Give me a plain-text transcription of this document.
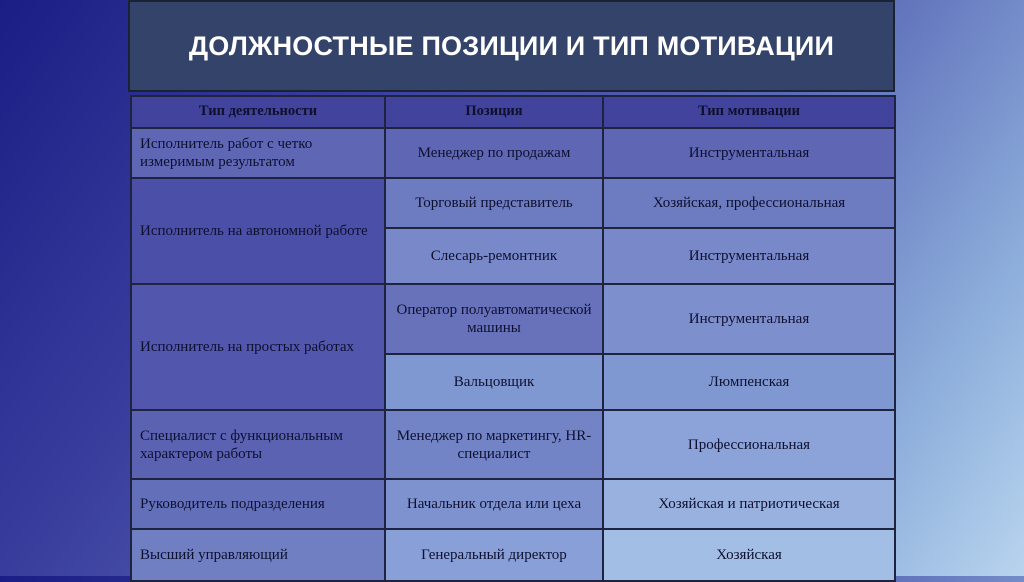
ДОЛЖНОСТНЫЕ ПОЗИЦИИ И ТИП МОТИВАЦИИ
Тип деятельности	Позиция	Тип мотивации
Исполнитель работ с четко измеримым результатом	Менеджер по продажам	Инструментальная
Исполнитель на автономной работе	Торговый представитель	Хозяйская, профессиональная
	Слесарь-ремонтник	Инструментальная
Исполнитель на простых работах	Оператор полуавтоматической машины	Инструментальная
	Вальцовщик	Люмпенская
Специалист с функциональным характером работы	Менеджер по маркетингу, HR-специалист	Профессиональная
Руководитель подразделения	Начальник отдела или цеха	Хозяйская и патриотическая
Высший управляющий	Генеральный директор	Хозяйская
